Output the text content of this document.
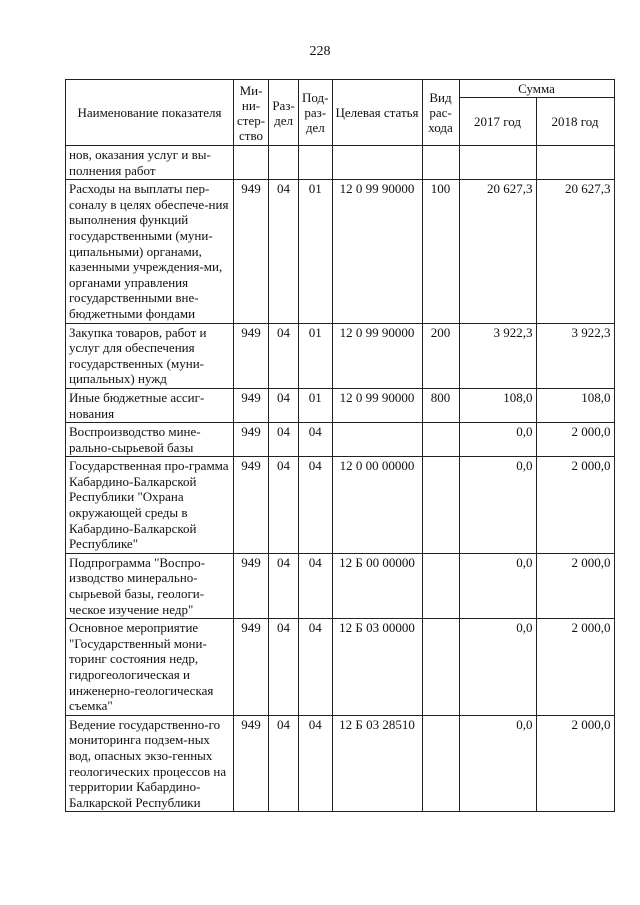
228
Наименование показателя	Ми-ни-стер-ство	Раз-дел	Под-раз-дел	Целевая статья	Вид рас-хода	Сумма	
						2017 год	2018 год
нов, оказания услуг и вы-полнения работ							
Расходы на выплаты пер-соналу в целях обеспече-ния выполнения функций государственными (муни-ципальными) органами, казенными учреждения-ми, органами управления государственными вне-бюджетными фондами	949	04	01	12 0 99 90000	100	20 627,3	20 627,3
Закупка товаров, работ и услуг для обеспечения государственных (муни-ципальных) нужд	949	04	01	12 0 99 90000	200	3 922,3	3 922,3
Иные бюджетные ассиг-нования	949	04	01	12 0 99 90000	800	108,0	108,0
Воспроизводство мине-рально-сырьевой базы	949	04	04			0,0	2 000,0
Государственная про-грамма Кабардино-Балкарской Республики "Охрана окружающей среды в Кабардино-Балкарской Республике"	949	04	04	12 0 00 00000		0,0	2 000,0
Подпрограмма "Воспро-изводство минерально-сырьевой базы, геологи-ческое изучение недр"	949	04	04	12 Б 00 00000		0,0	2 000,0
Основное мероприятие "Государственный мони-торинг состояния недр, гидрогеологическая и инженерно-геологическая съемка"	949	04	04	12 Б 03 00000		0,0	2 000,0
Ведение государственно-го мониторинга подзем-ных вод, опасных экзо-генных геологических процессов на территории Кабардино-Балкарской Республики	949	04	04	12 Б 03 28510		0,0	2 000,0
